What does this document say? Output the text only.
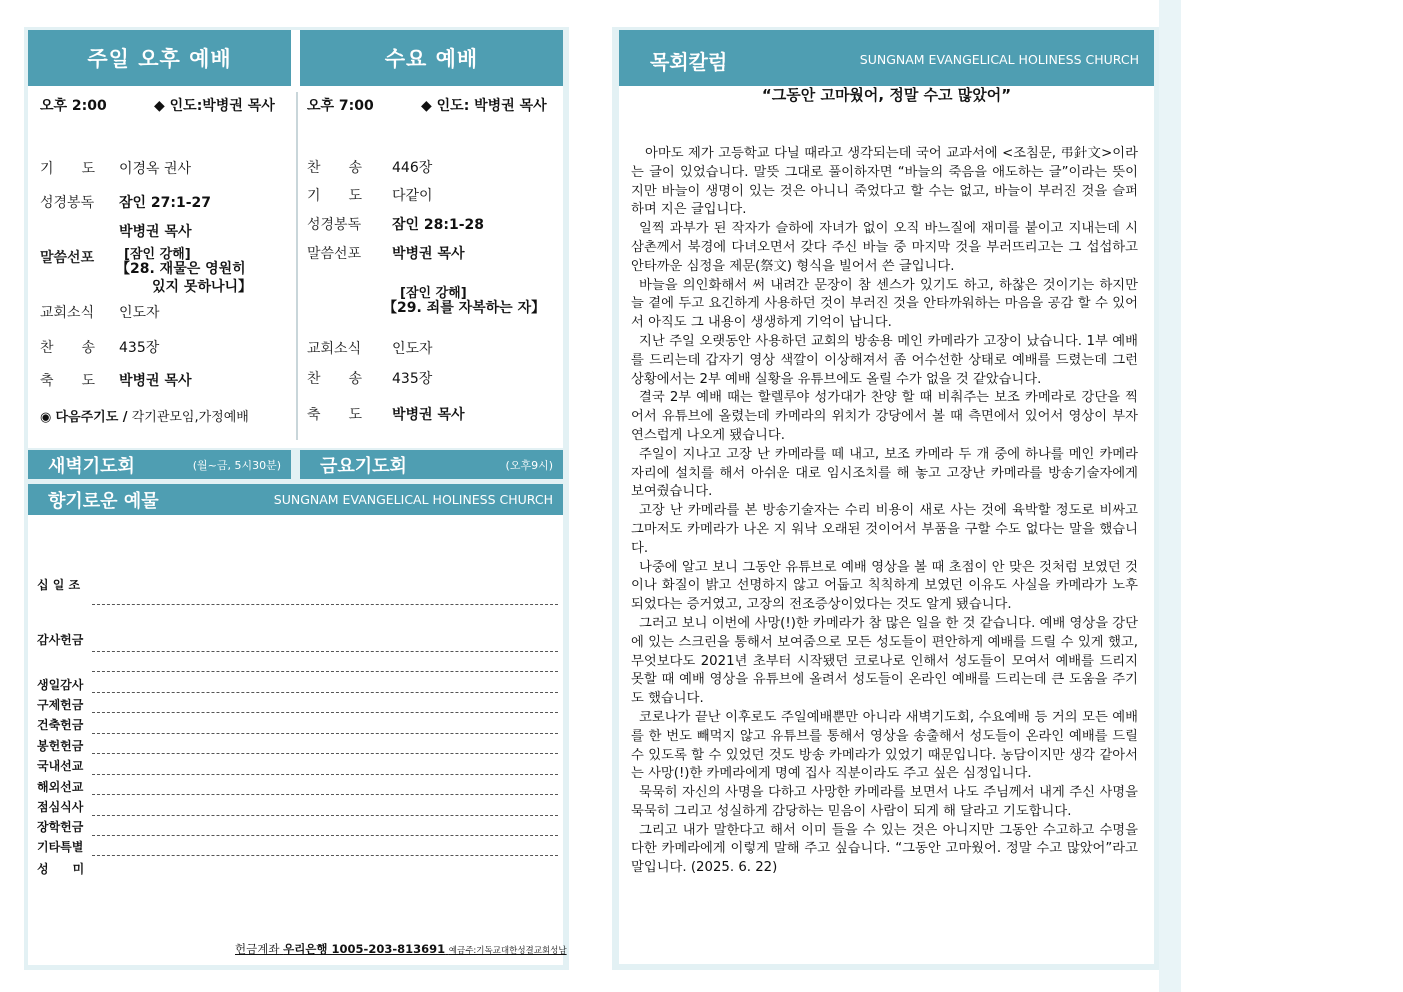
주일 오후 예배	수요 예배
오후 2:00	◆ 인도:박병권 목사
기　　도 이경옥 권사
성경봉독 잠인 27:1-27
박병권 목사
말씀선포 [잠인 강해]
【28. 재물은 영원히
있지 못하나니】
교회소식 인도자
찬　　송 435장
축　　도 박병권 목사
◉ 다음주기도 / 각기관모임,가정예배
오후 7:00	◆ 인도: 박병권 목사
찬　　송 446장
기　　도 다같이
성경봉독 잠인 28:1-28
말씀선포 박병권 목사
[잠인 강해]
【29. 죄를 자복하는 자】
교회소식 인도자
찬　　송 435장
축　　도 박병권 목사
새벽기도회	(월~금, 5시30분)	금요기도회	(오후9시)
향기로운 예물	SUNGNAM EVANGELICAL HOLINESS CHURCH
십 일 조
감사헌금
생일감사
구제헌금
건축헌금
봉헌헌금
국내선교
해외선교
점심식사
장학헌금
기타특별
성　　미
헌금계좌 우리은행 1005-203-813691 예금주:기독교대한성결교회성남
목회칼럼	SUNGNAM EVANGELICAL HOLINESS CHURCH
“그동안 고마웠어, 정말 수고 많았어”

아마도 제가 고등학교 다닐 때라고 생각되는데 국어 교과서에 <조침문, 弔針文>이라는 글이 있었습니다. 말뜻 그대로 풀이하자면 “바늘의 죽음을 애도하는 글”이라는 뜻이지만 바늘이 생명이 있는 것은 아니니 죽었다고 할 수는 없고, 바늘이 부러진 것을 슬퍼하며 지은 글입니다.

일찍 과부가 된 작자가 슬하에 자녀가 없이 오직 바느질에 재미를 붙이고 지내는데 시삼촌께서 북경에 다녀오면서 갖다 주신 바늘 중 마지막 것을 부러뜨리고는 그 섭섭하고 안타까운 심정을 제문(祭文) 형식을 빌어서 쓴 글입니다.

바늘을 의인화해서 써 내려간 문장이 참 센스가 있기도 하고, 하찮은 것이기는 하지만 늘 곁에 두고 요긴하게 사용하던 것이 부러진 것을 안타까워하는 마음을 공감 할 수 있어서 아직도 그 내용이 생생하게 기억이 납니다.

지난 주일 오랫동안 사용하던 교회의 방송용 메인 카메라가 고장이 났습니다. 1부 예배를 드리는데 갑자기 영상 색깔이 이상해져서 좀 어수선한 상태로 예배를 드렸는데 그런 상황에서는 2부 예배 실황을 유튜브에도 올릴 수가 없을 것 같았습니다.

결국 2부 예배 때는 할렐루야 성가대가 찬양 할 때 비춰주는 보조 카메라로 강단을 찍어서 유튜브에 올렸는데 카메라의 위치가 강당에서 볼 때 측면에서 있어서 영상이 부자연스럽게 나오게 됐습니다.

주일이 지나고 고장 난 카메라를 떼 내고, 보조 카메라 두 개 중에 하나를 메인 카메라 자리에 설치를 해서 아쉬운 대로 임시조치를 해 놓고 고장난 카메라를 방송기술자에게 보여줬습니다.

고장 난 카메라를 본 방송기술자는 수리 비용이 새로 사는 것에 육박할 정도로 비싸고 그마저도 카메라가 나온 지 워낙 오래된 것이어서 부품을 구할 수도 없다는 말을 했습니다.

나중에 알고 보니 그동안 유튜브로 예배 영상을 볼 때 초점이 안 맞은 것처럼 보였던 것이나 화질이 밝고 선명하지 않고 어둡고 칙칙하게 보였던 이유도 사실을 카메라가 노후되었다는 증거였고, 고장의 전조증상이었다는 것도 알게 됐습니다.

그러고 보니 이번에 사망(!)한 카메라가 참 많은 일을 한 것 같습니다. 예배 영상을 강단에 있는 스크린을 통해서 보여줌으로 모든 성도들이 편안하게 예배를 드릴 수 있게 했고, 무엇보다도 2021년 초부터 시작됐던 코로나로 인해서 성도들이 모여서 예배를 드리지 못할 때 예배 영상을 유튜브에 올려서 성도들이 온라인 예배를 드리는데 큰 도움을 주기도 했습니다.

코로나가 끝난 이후로도 주일예배뿐만 아니라 새벽기도회, 수요예배 등 거의 모든 예배를 한 번도 빼먹지 않고 유튜브를 통해서 영상을 송출해서 성도들이 온라인 예배를 드릴 수 있도록 할 수 있었던 것도 방송 카메라가 있었기 때문입니다. 농담이지만 생각 같아서는 사망(!)한 카메라에게 명예 집사 직분이라도 주고 싶은 심정입니다.

묵묵히 자신의 사명을 다하고 사망한 카메라를 보면서 나도 주님께서 내게 주신 사명을 묵묵히 그리고 성실하게 감당하는 믿음이 사람이 되게 해 달라고 기도합니다.

그리고 내가 말한다고 해서 이미 들을 수 있는 것은 아니지만 그동안 수고하고 수명을 다한 카메라에게 이렇게 말해 주고 싶습니다. “그동안 고마웠어. 정말 수고 많았어”라고 말입니다. (2025. 6. 22)
